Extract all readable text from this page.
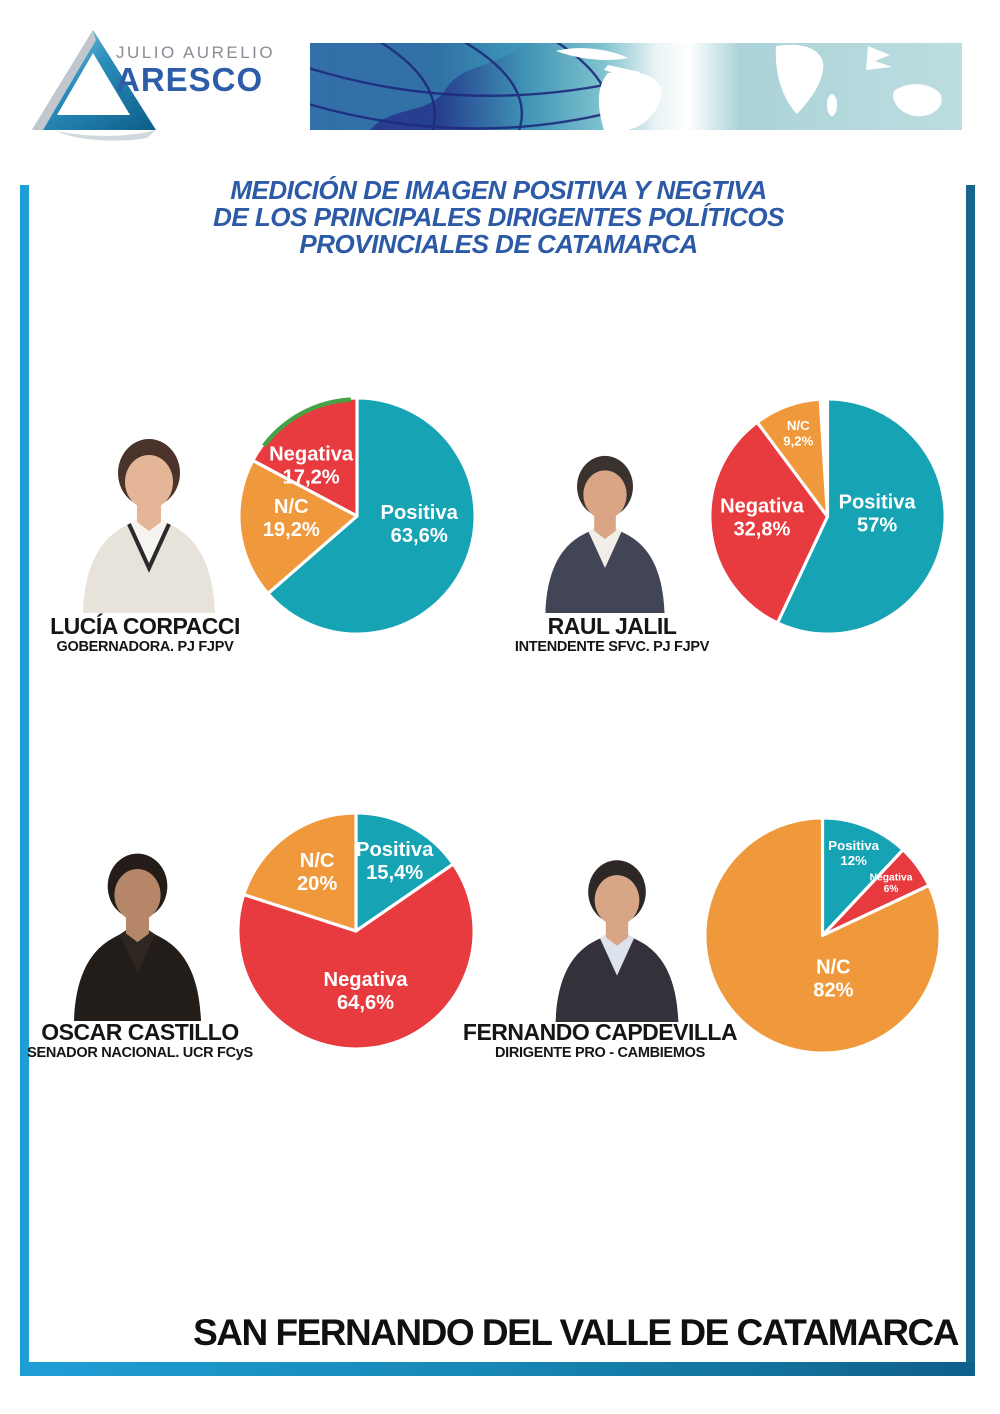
JULIO AURELIO
ARESCO
MEDICIÓN DE IMAGEN POSITIVA Y NEGTIVA
DE LOS PRINCIPALES DIRIGENTES POLÍTICOS
PROVINCIALES DE CATAMARCA
LUCÍA CORPACCI
GOBERNADORA. PJ FJPV
Positiva 63,6%
N/C 19,2%
Negativa 17,2%
RAUL JALIL
INTENDENTE SFVC. PJ FJPV
Positiva 57%
Negativa 32,8%
N/C 9,2%
OSCAR CASTILLO
SENADOR NACIONAL. UCR FCyS
Positiva 15,4%
Negativa 64,6%
N/C 20%
FERNANDO CAPDEVILLA
DIRIGENTE PRO - CAMBIEMOS
Positiva 12%
Negativa 6%
N/C 82%
SAN FERNANDO DEL VALLE DE CATAMARCA
